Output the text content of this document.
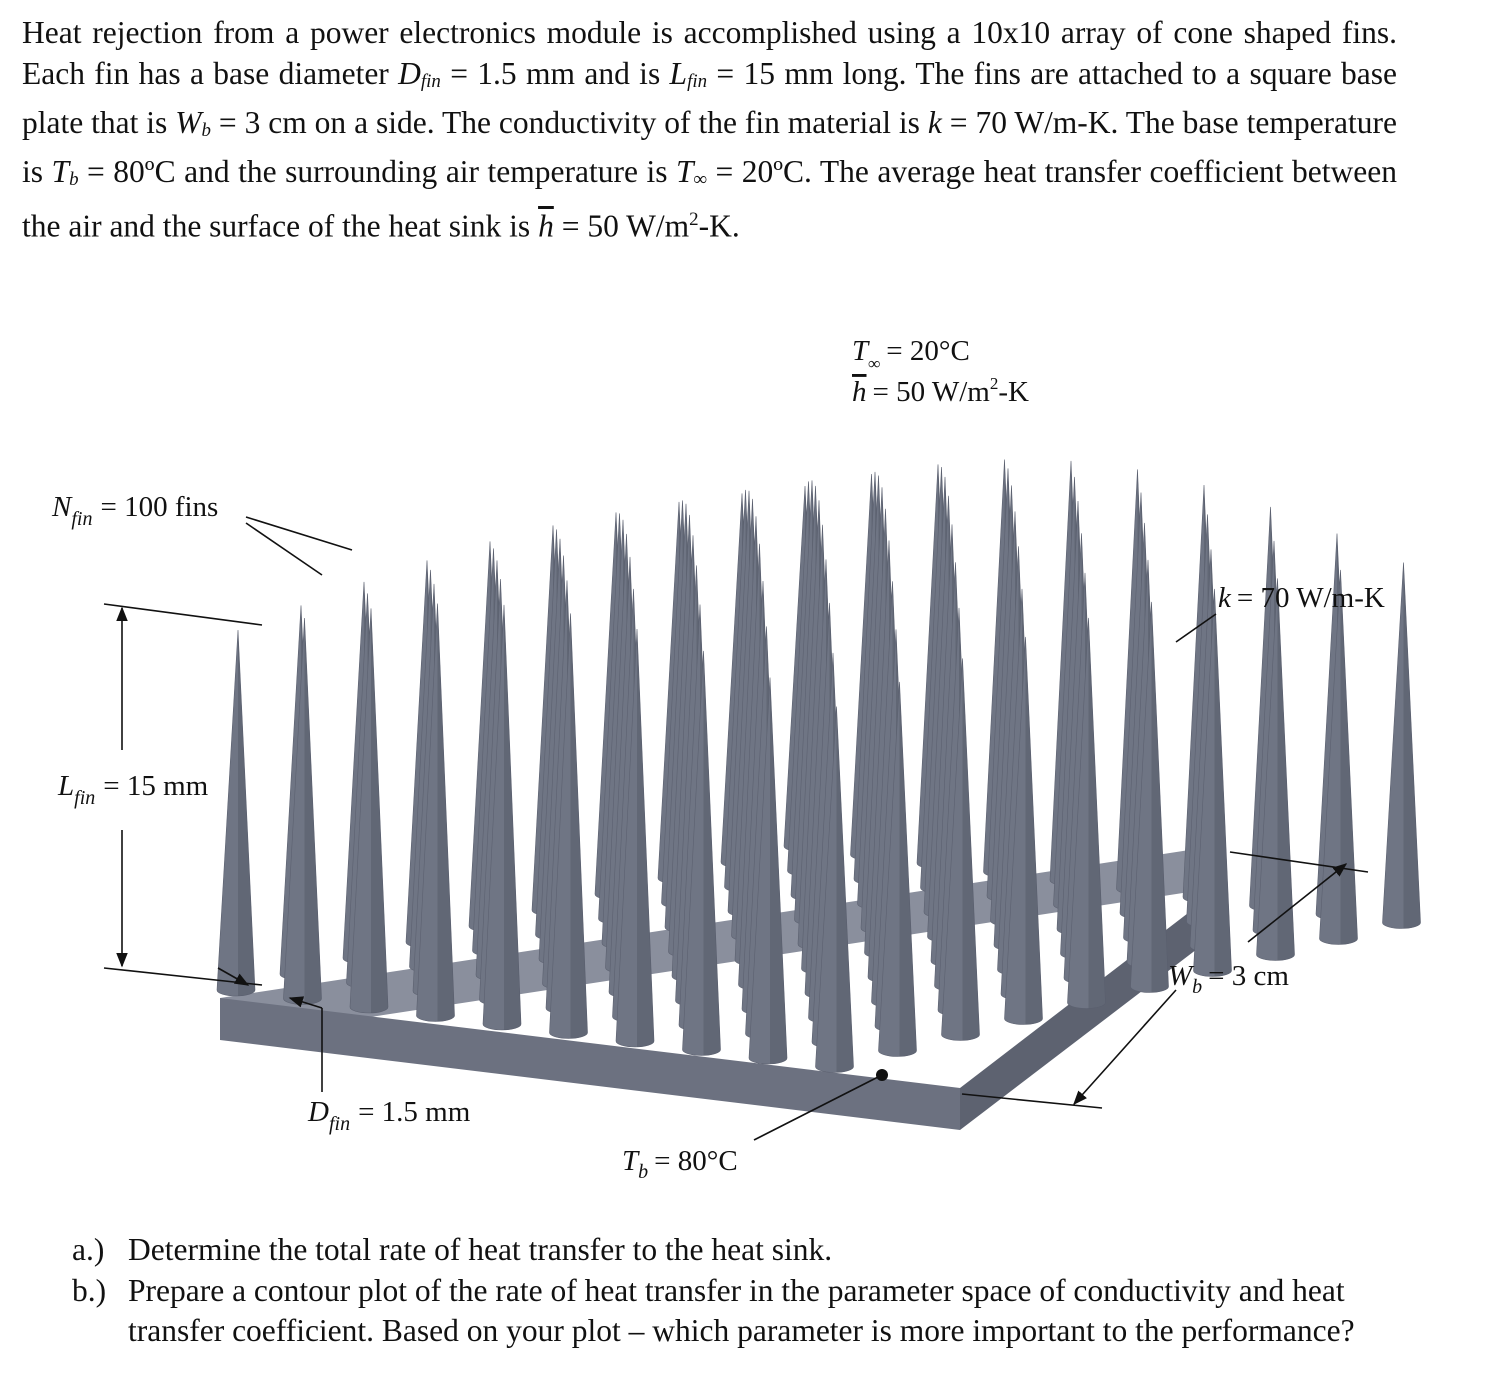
Heat rejection from a power electronics module is accomplished using a 10x10 array of cone shaped fins. Each fin has a base diameter $D_{fin} = 1.5$ mm and is $L_{fin} = 15$ mm long. The fins are attached to a square base plate that is $W_b = 3$ cm on a side. The conductivity of the fin material is k = 70 W/m-K. The base temperature is $T_b$ = 80ºC and the surrounding air temperature is $T_\infty$ = 20ºC. The average heat transfer coefficient between the air and the surface of the heat sink is $\overline{h} = 50$ $W/m^2-K$.

$T_\infty = 20^\circ C$
h = 50 $W/m^2-K$
$N_{fin} = 100$ fins
$L_{fin} = 15$ mm
$D_{fin} = 1.5$ mm
$T_b = 80^\circ C$
k = 70 W/m-K
$W_b = 3$ cm
a.) Determine the total rate of heat transfer to the heat sink.
b.) Prepare a contour plot of the rate of heat transfer in the parameter space of conductivity and heat transfer coefficient. Based on your plot – which parameter is more important to the performance?
